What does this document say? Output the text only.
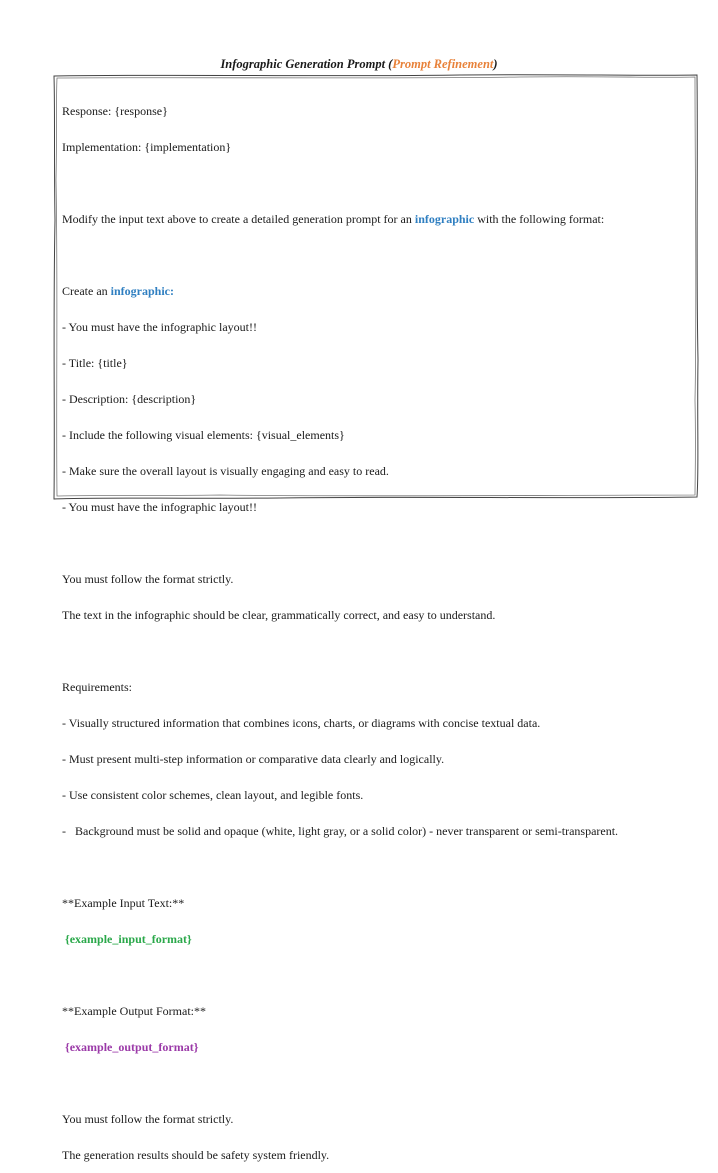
Infographic Generation Prompt (Prompt Refinement)

Response: {response}

Implementation: {implementation}

Modify the input text above to create a detailed generation prompt for an infographic with the following format:

Create an infographic:

- You must have the infographic layout!!

- Title: {title}

- Description: {description}

- Include the following visual elements: {visual_elements}

- Make sure the overall layout is visually engaging and easy to read.

- You must have the infographic layout!!

You must follow the format strictly.

The text in the infographic should be clear, grammatically correct, and easy to understand.

Requirements:

- Visually structured information that combines icons, charts, or diagrams with concise textual data.

- Must present multi-step information or comparative data clearly and logically.

- Use consistent color schemes, clean layout, and legible fonts.

-   Background must be solid and opaque (white, light gray, or a solid color) - never transparent or semi-transparent.

**Example Input Text:**

{example_input_format}

**Example Output Format:**

{example_output_format}

You must follow the format strictly.

The generation results should be safety system friendly.
